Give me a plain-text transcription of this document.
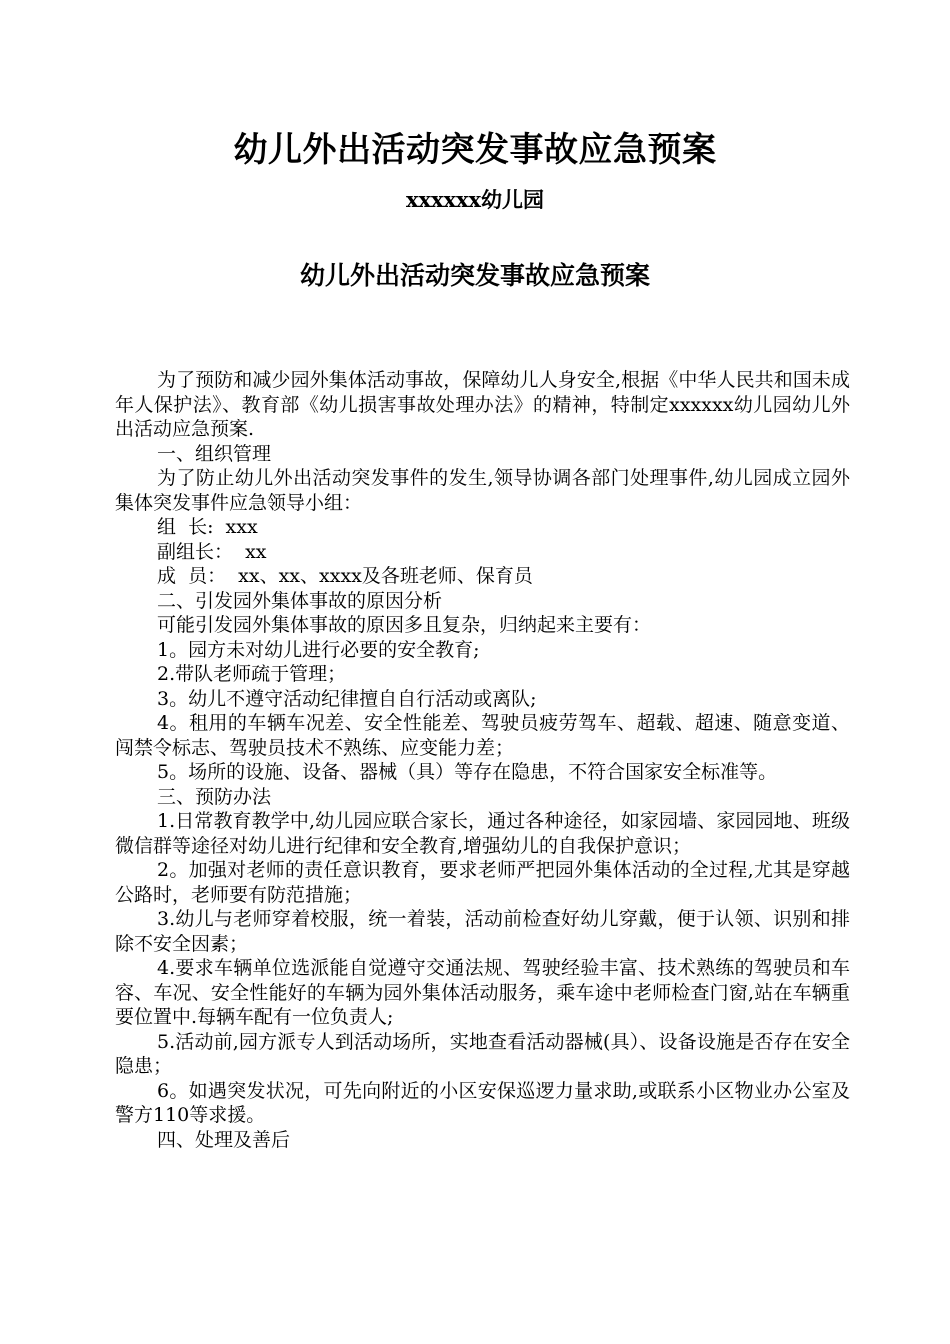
幼儿外出活动突发事故应急预案
xxxxxx幼儿园
幼儿外出活动突发事故应急预案

为了预防和减少园外集体活动事故，保障幼儿人身安全,根据《中华人民共和国未成年人保护法》、教育部《幼儿损害事故处理办法》的精神，特制定xxxxxx幼儿园幼儿外出活动应急预案.

一、组织管理

为了防止幼儿外出活动突发事件的发生,领导协调各部门处理事件,幼儿园成立园外集体突发事件应急领导小组：

组  长:  xxx

副组长：  xx

成  员：  xx、xx、xxxx及各班老师、保育员

二、引发园外集体事故的原因分析

可能引发园外集体事故的原因多且复杂，归纳起来主要有：

1。园方未对幼儿进行必要的安全教育;

2.带队老师疏于管理；

3。幼儿不遵守活动纪律擅自自行活动或离队;

4。租用的车辆车况差、安全性能差、驾驶员疲劳驾车、超载、超速、随意变道、闯禁令标志、驾驶员技术不熟练、应变能力差；

5。场所的设施、设备、器械（具）等存在隐患，不符合国家安全标准等。

三、预防办法

1.日常教育教学中,幼儿园应联合家长，通过各种途径，如家园墙、家园园地、班级微信群等途径对幼儿进行纪律和安全教育,增强幼儿的自我保护意识；

2。加强对老师的责任意识教育，要求老师严把园外集体活动的全过程,尤其是穿越公路时，老师要有防范措施；

3.幼儿与老师穿着校服，统一着装，活动前检查好幼儿穿戴，便于认领、识别和排除不安全因素；

4.要求车辆单位选派能自觉遵守交通法规、驾驶经验丰富、技术熟练的驾驶员和车容、车况、安全性能好的车辆为园外集体活动服务，乘车途中老师检查门窗,站在车辆重要位置中.每辆车配有一位负责人;

5.活动前,园方派专人到活动场所，实地查看活动器械(具）、设备设施是否存在安全隐患；

6。如遇突发状况，可先向附近的小区安保巡逻力量求助,或联系小区物业办公室及警方110等求援。

四、处理及善后
